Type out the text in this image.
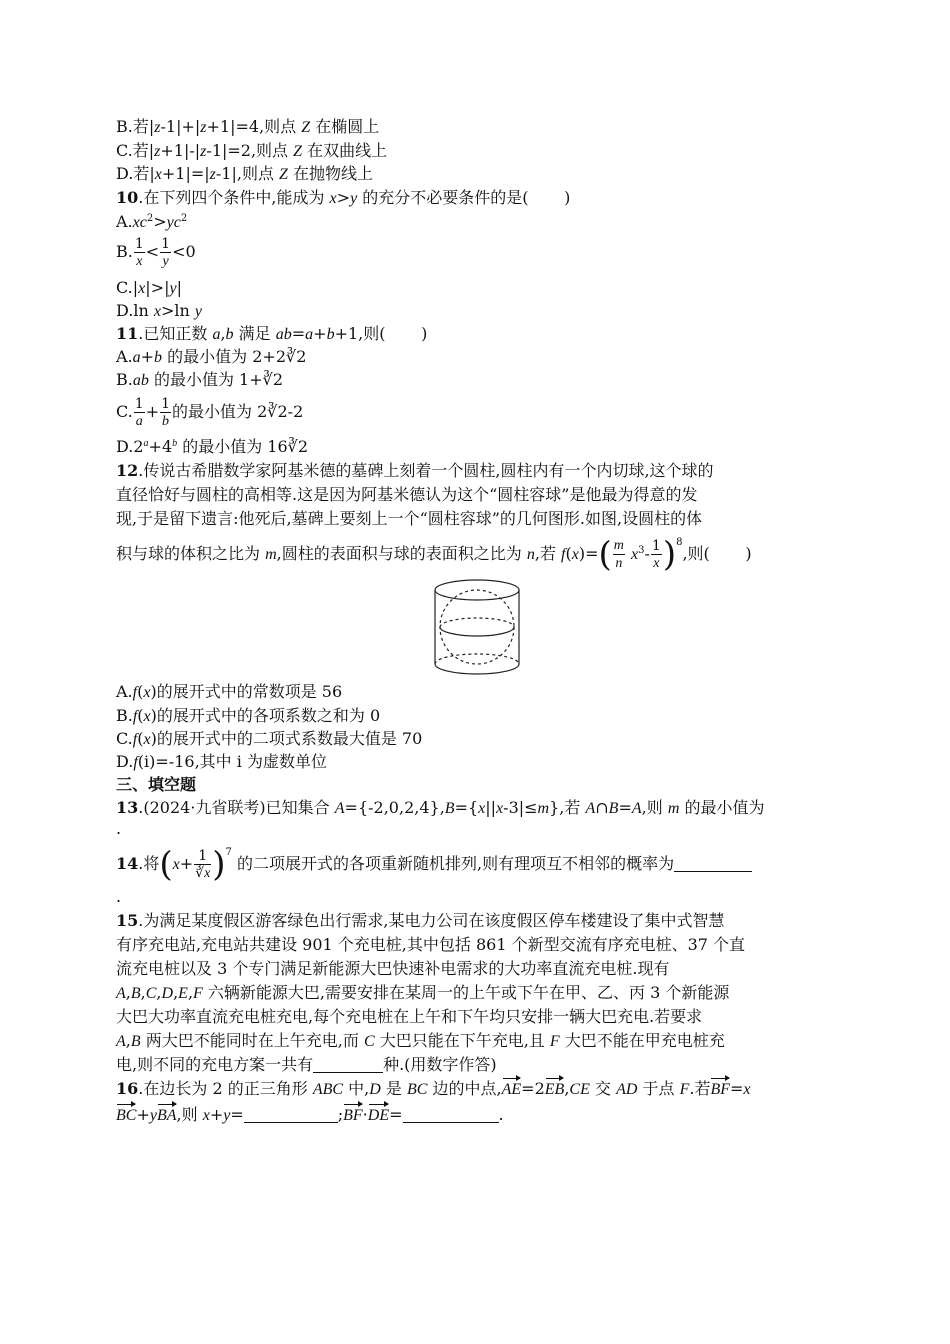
B.若|z-1|+|z+1|=4,则点 Z 在椭圆上
C.若|z+1|-|z-1|=2,则点 Z 在双曲线上
D.若|x+1|=|z-1|,则点 Z 在抛物线上
10.在下列四个条件中,能成为 x>y 的充分不必要条件的是( )
$A.xc^2>yc^2$
B. $\frac{1}{x} < \frac{1}{y} <0$
C.|x|>|y|
D.ln x>ln y
11.已知正数 a,b 满足 ab=a+b+1,则(       )
A.a+b 的最小值为 2+2∛2
B.ab 的最小值为 1+∛2
C. $\frac{1}{a} + \frac{1}{b}$ 的最小值为 2∛2-2
$D.2^a+4^b$ 的最小值为 16∛2
12.传说古希腊数学家阿基米德的墓碑上刻着一个圆柱,圆柱内有一个内切球,这个球的
直径恰好与圆柱的高相等.这是因为阿基米德认为这个“圆柱容球”是他最为得意的发
现,于是留下遗言:他死后,墓碑上要刻上一个“圆柱容球”的几何图形.如图,设圆柱的体
积与球的体积之比为 m,圆柱的表面积与球的表面积之比为 n,若 $f(x)=( \frac{m}{n} x^3- \frac{1}{x} )^8$,则(       )
A.f(x)的展开式中的常数项是 56
B.f(x)的展开式中的各项系数之和为 0
C.f(x)的展开式中的二项式系数最大值是 70
D.f(i)=-16,其中 i 为虚数单位
三、填空题
13.(2024·九省联考)已知集合 A={-2,0,2,4},B={x||x-3|≤m},若 A∩B=A,则 m 的最小值为
.
14.将$(x+ \frac{1}{∛x} )^7$ 的二项展开式的各项重新随机排列,则有理项互不相邻的概率为
.
15.为满足某度假区游客绿色出行需求,某电力公司在该度假区停车楼建设了集中式智慧
有序充电站,充电站共建设 901 个充电桩,其中包括 861 个新型交流有序充电桩、37 个直
流充电桩以及 3 个专门满足新能源大巴快速补电需求的大功率直流充电桩.现有
A,B,C,D,E,F 六辆新能源大巴,需要安排在某周一的上午或下午在甲、乙、丙 3 个新能源
大巴大功率直流充电桩充电,每个充电桩在上午和下午均只安排一辆大巴充电.若要求
A,B 两大巴不能同时在上午充电,而 C 大巴只能在下午充电,且 F 大巴不能在甲充电桩充
电,则不同的充电方案一共有	种.(用数字作答)
16.在边长为 2 的正三角形 ABC 中,D 是 BC 边的中点,AE=2EB,CE 交 AD 于点 F.若BF=x
BC+yBA,则 x+y=	;BF·DE=	.
